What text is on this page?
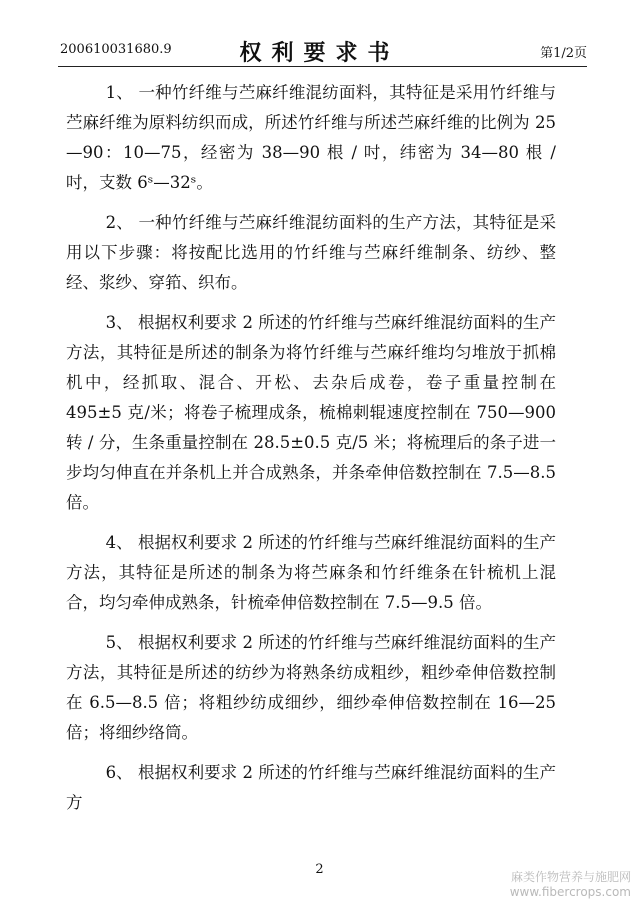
200610031680.9	权利要求书	第1/2页

1、 一种竹纤维与苎麻纤维混纺面料，其特征是采用竹纤维与苎麻纤维为原料纺织而成，所述竹纤维与所述苎麻纤维的比例为 25—90：10—75，经密为 38—90 根 / 吋，纬密为 34—80 根 / 吋，支数 6ˢ—32ˢ。

2、 一种竹纤维与苎麻纤维混纺面料的生产方法，其特征是采用以下步骤：将按配比选用的竹纤维与苎麻纤维制条、纺纱、整经、浆纱、穿筘、织布。

3、 根据权利要求 2 所述的竹纤维与苎麻纤维混纺面料的生产方法，其特征是所述的制条为将竹纤维与苎麻纤维均匀堆放于抓棉机中，经抓取、混合、开松、去杂后成卷，卷子重量控制在 495±5 克/米；将卷子梳理成条，梳棉刺辊速度控制在 750—900 转 / 分，生条重量控制在 28.5±0.5 克/5 米；将梳理后的条子进一步均匀伸直在并条机上并合成熟条，并条牵伸倍数控制在 7.5—8.5 倍。

4、 根据权利要求 2 所述的竹纤维与苎麻纤维混纺面料的生产方法，其特征是所述的制条为将苎麻条和竹纤维条在针梳机上混合，均匀牵伸成熟条，针梳牵伸倍数控制在 7.5—9.5 倍。

5、 根据权利要求 2 所述的竹纤维与苎麻纤维混纺面料的生产方法，其特征是所述的纺纱为将熟条纺成粗纱，粗纱牵伸倍数控制在 6.5—8.5 倍；将粗纱纺成细纱，细纱牵伸倍数控制在 16—25 倍；将细纱络筒。

6、 根据权利要求 2 所述的竹纤维与苎麻纤维混纺面料的生产方

2	麻类作物营养与施肥网
www.fibercrops.com
